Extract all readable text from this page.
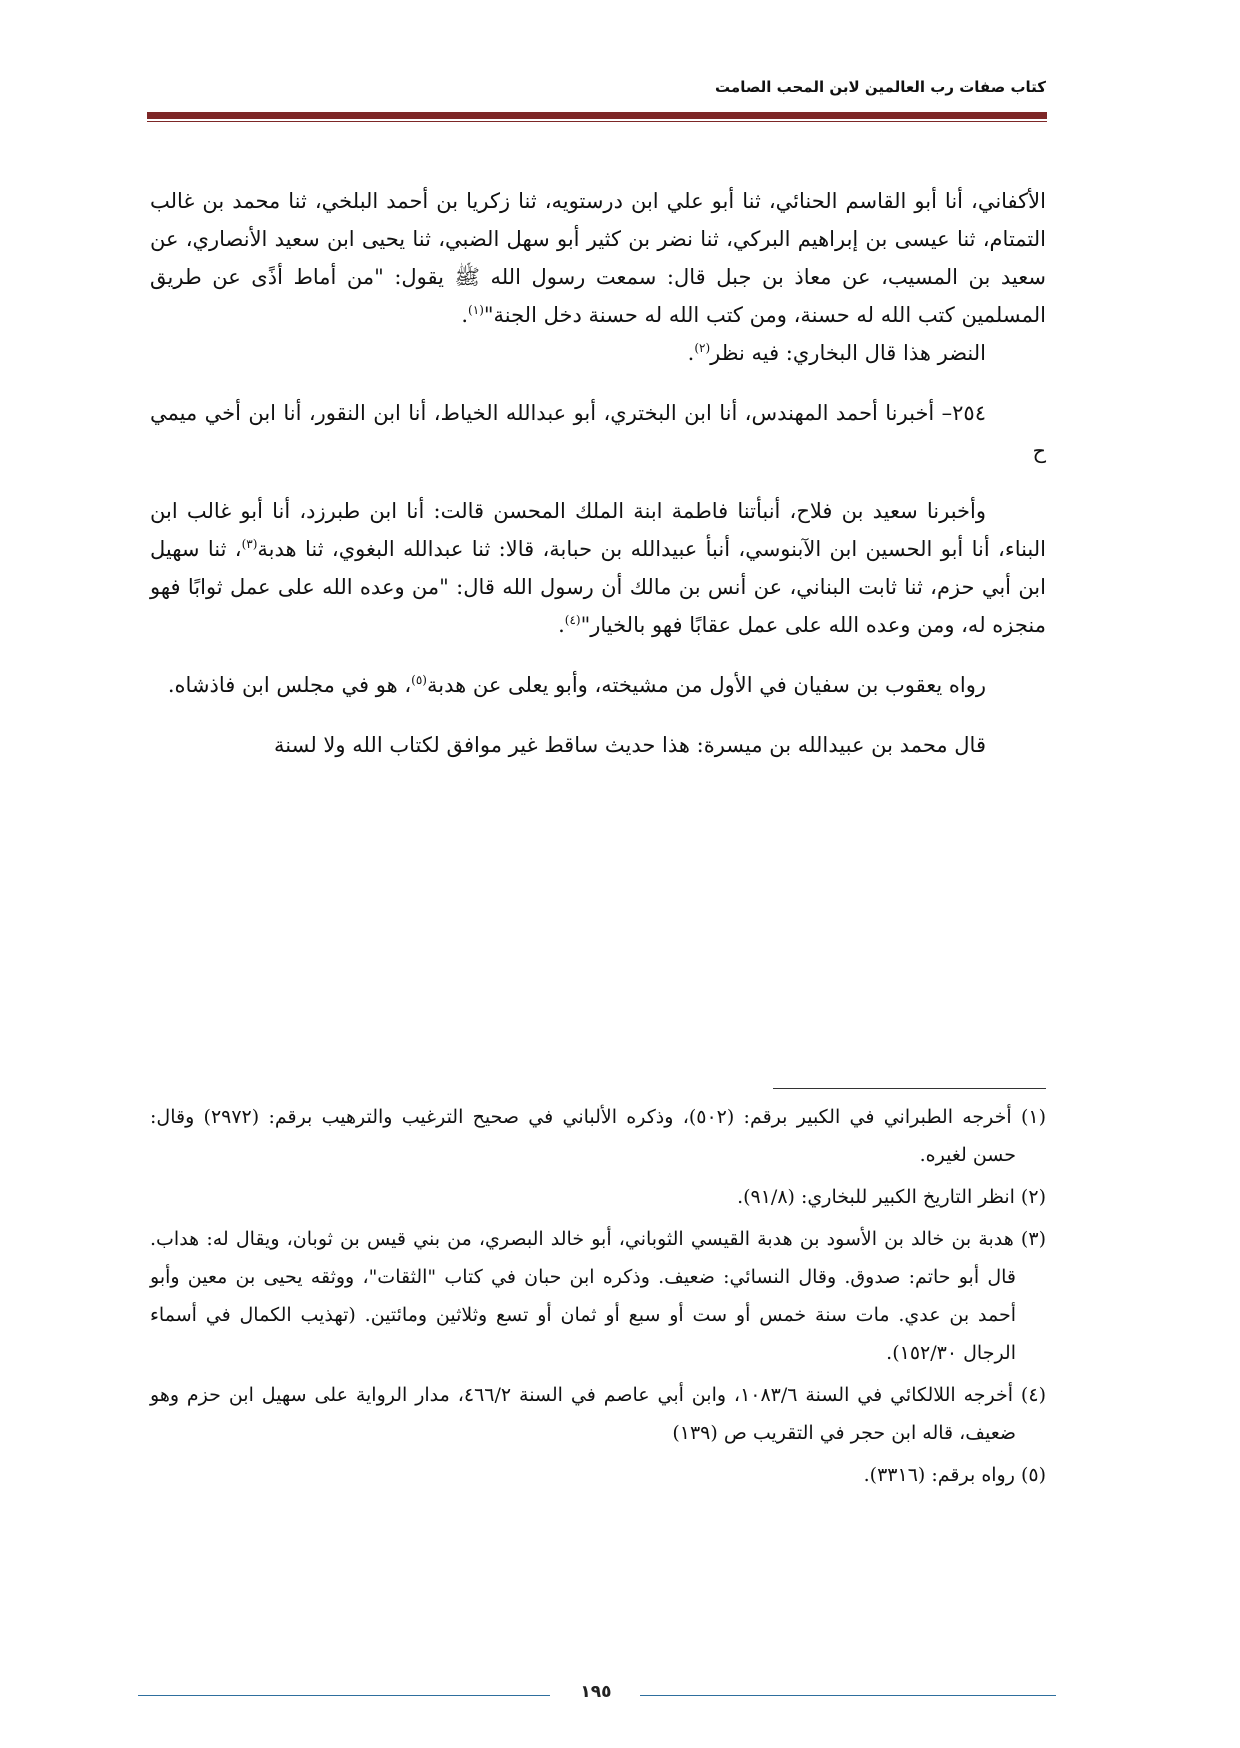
كتاب صفات رب العالمين لابن المحب الصامت

الأكفاني، أنا أبو القاسم الحنائي، ثنا أبو علي ابن درستويه، ثنا زكريا بن أحمد البلخي، ثنا محمد بن غالب التمتام، ثنا عيسى بن إبراهيم البركي، ثنا نضر بن كثير أبو سهل الضبي، ثنا يحيى ابن سعيد الأنصاري، عن سعيد بن المسيب، عن معاذ بن جبل قال: سمعت رسول الله ﷺ يقول: "من أماط أذًى عن طريق المسلمين كتب الله له حسنة، ومن كتب الله له حسنة دخل الجنة"$^{(١)}$.

النضر هذا قال البخاري: فيه نظر$^{(٢)}$.

٢٥٤– أخبرنا أحمد المهندس، أنا ابن البختري، أبو عبدالله الخياط، أنا ابن النقور، أنا ابن أخي ميمي ح

وأخبرنا سعيد بن فلاح، أنبأتنا فاطمة ابنة الملك المحسن قالت: أنا ابن طبرزد، أنا أبو غالب ابن البناء، أنا أبو الحسين ابن الآبنوسي، أنبأ عبيدالله بن حبابة، قالا: ثنا عبدالله البغوي، ثنا هدبة$^{(٣)}$، ثنا سهيل ابن أبي حزم، ثنا ثابت البناني، عن أنس بن مالك أن رسول الله قال: "من وعده الله على عمل ثوابًا فهو منجزه له، ومن وعده الله على عمل عقابًا فهو بالخيار"$^{(٤)}$.

رواه يعقوب بن سفيان في الأول من مشيخته، وأبو يعلى عن هدبة$^{(٥)}$، هو في مجلس ابن فاذشاه.

قال محمد بن عبيدالله بن ميسرة: هذا حديث ساقط غير موافق لكتاب الله ولا لسنة

(١) أخرجه الطبراني في الكبير برقم: (٥٠٢)، وذكره الألباني في صحيح الترغيب والترهيب برقم: (٢٩٧٢) وقال: حسن لغيره.

(٢) انظر التاريخ الكبير للبخاري: (٩١/٨).

(٣) هدبة بن خالد بن الأسود بن هدبة القيسي الثوباني، أبو خالد البصري، من بني قيس بن ثوبان، ويقال له: هداب. قال أبو حاتم: صدوق. وقال النسائي: ضعيف. وذكره ابن حبان في كتاب "الثقات"، ووثقه يحيى بن معين وأبو أحمد بن عدي. مات سنة خمس أو ست أو سبع أو ثمان أو تسع وثلاثين ومائتين. (تهذيب الكمال في أسماء الرجال ١٥٢/٣٠).

(٤) أخرجه اللالكائي في السنة ١٠٨٣/٦، وابن أبي عاصم في السنة ٤٦٦/٢، مدار الرواية على سهيل ابن حزم وهو ضعيف، قاله ابن حجر في التقريب ص (١٣٩)

(٥) رواه برقم: (٣٣١٦).

١٩٥
